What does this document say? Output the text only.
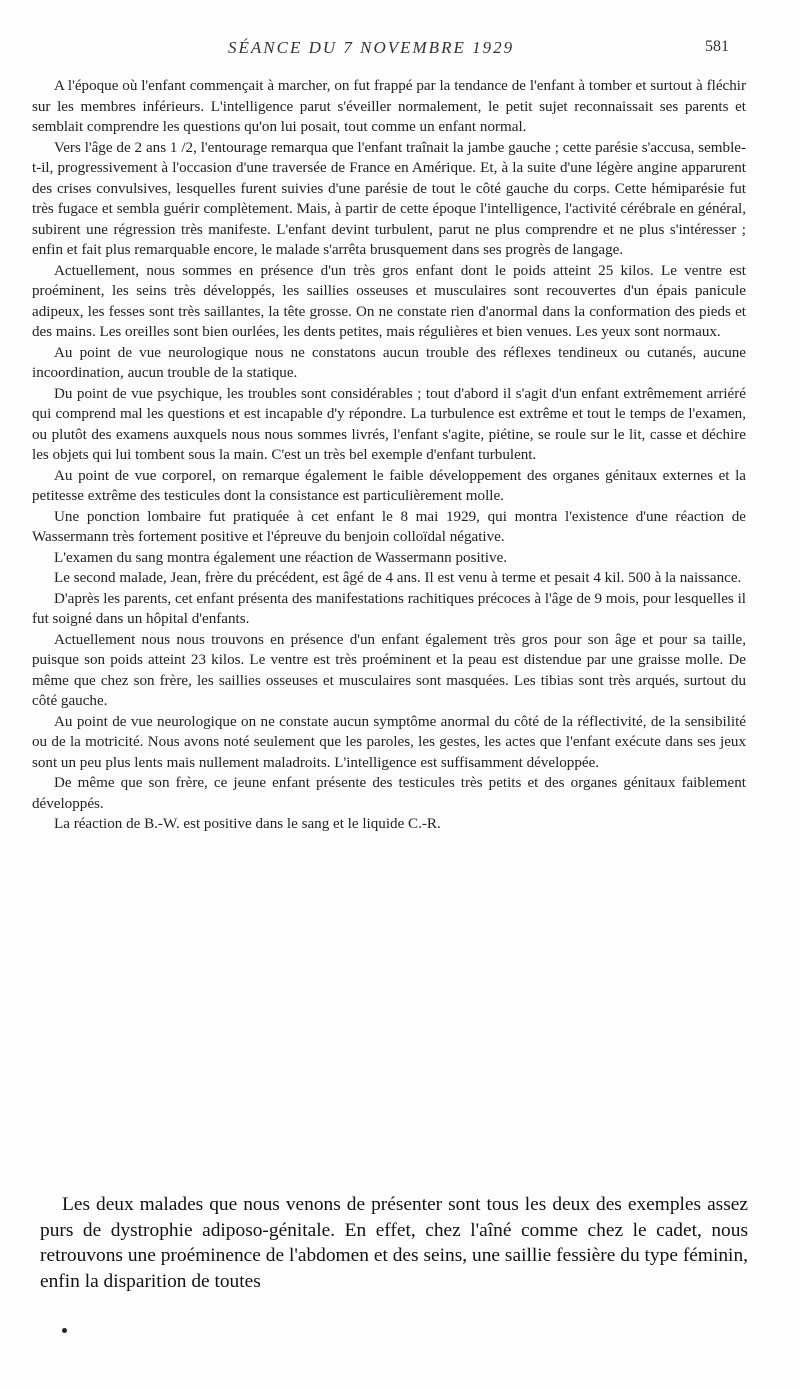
SÉANCE DU 7 NOVEMBRE 1929	581

A l'époque où l'enfant commençait à marcher, on fut frappé par la tendance de l'enfant à tomber et surtout à fléchir sur les membres inférieurs. L'intelligence parut s'éveiller normalement, le petit sujet reconnaissait ses parents et semblait comprendre les questions qu'on lui posait, tout comme un enfant normal.

Vers l'âge de 2 ans 1 /2, l'entourage remarqua que l'enfant traînait la jambe gauche ; cette parésie s'accusa, semble-t-il, progressivement à l'occasion d'une traversée de France en Amérique. Et, à la suite d'une légère angine apparurent des crises convulsives, lesquelles furent suivies d'une parésie de tout le côté gauche du corps. Cette hémiparésie fut très fugace et sembla guérir complètement. Mais, à partir de cette époque l'intelligence, l'activité cérébrale en général, subirent une régression très manifeste. L'enfant devint turbulent, parut ne plus comprendre et ne plus s'intéresser ; enfin et fait plus remarquable encore, le malade s'arrêta brusquement dans ses progrès de langage.

Actuellement, nous sommes en présence d'un très gros enfant dont le poids atteint 25 kilos. Le ventre est proéminent, les seins très développés, les saillies osseuses et musculaires sont recouvertes d'un épais panicule adipeux, les fesses sont très saillantes, la tête grosse. On ne constate rien d'anormal dans la conformation des pieds et des mains. Les oreilles sont bien ourlées, les dents petites, mais régulières et bien venues. Les yeux sont normaux.

Au point de vue neurologique nous ne constatons aucun trouble des réflexes tendineux ou cutanés, aucune incoordination, aucun trouble de la statique.

Du point de vue psychique, les troubles sont considérables ; tout d'abord il s'agit d'un enfant extrêmement arriéré qui comprend mal les questions et est incapable d'y répondre. La turbulence est extrême et tout le temps de l'examen, ou plutôt des examens auxquels nous nous sommes livrés, l'enfant s'agite, piétine, se roule sur le lit, casse et déchire les objets qui lui tombent sous la main. C'est un très bel exemple d'enfant turbulent.

Au point de vue corporel, on remarque également le faible développement des organes génitaux externes et la petitesse extrême des testicules dont la consistance est particulièrement molle.

Une ponction lombaire fut pratiquée à cet enfant le 8 mai 1929, qui montra l'existence d'une réaction de Wassermann très fortement positive et l'épreuve du benjoin colloïdal négative.

L'examen du sang montra également une réaction de Wassermann positive.

Le second malade, Jean, frère du précédent, est âgé de 4 ans. Il est venu à terme et pesait 4 kil. 500 à la naissance.

D'après les parents, cet enfant présenta des manifestations rachitiques précoces à l'âge de 9 mois, pour lesquelles il fut soigné dans un hôpital d'enfants.

Actuellement nous nous trouvons en présence d'un enfant également très gros pour son âge et pour sa taille, puisque son poids atteint 23 kilos. Le ventre est très proéminent et la peau est distendue par une graisse molle. De même que chez son frère, les saillies osseuses et musculaires sont masquées. Les tibias sont très arqués, surtout du côté gauche.

Au point de vue neurologique on ne constate aucun symptôme anormal du côté de la réflectivité, de la sensibilité ou de la motricité. Nous avons noté seulement que les paroles, les gestes, les actes que l'enfant exécute dans ses jeux sont un peu plus lents mais nullement maladroits. L'intelligence est suffisamment développée.

De même que son frère, ce jeune enfant présente des testicules très petits et des organes génitaux faiblement développés.

La réaction de B.-W. est positive dans le sang et le liquide C.-R.

Les deux malades que nous venons de présenter sont tous les deux des exemples assez purs de dystrophie adiposo-génitale. En effet, chez l'aîné comme chez le cadet, nous retrouvons une proéminence de l'abdomen et des seins, une saillie fessière du type féminin, enfin la disparition de toutes
